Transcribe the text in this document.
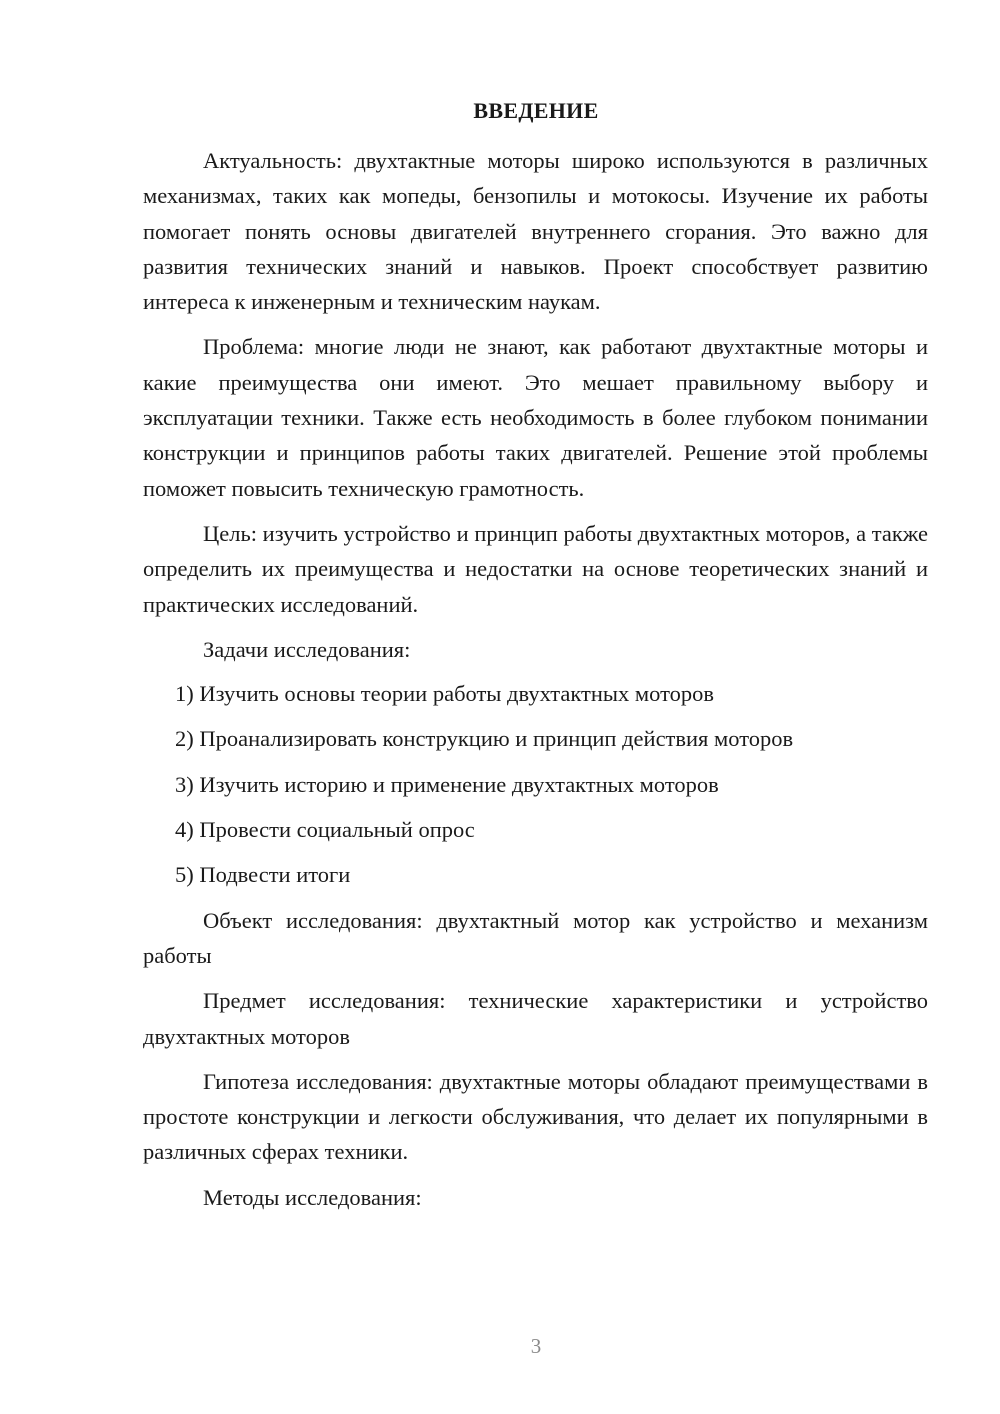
ВВЕДЕНИЕ

Актуальность: двухтактные моторы широко используются в различных механизмах, таких как мопеды, бензопилы и мотокосы. Изучение их работы помогает понять основы двигателей внутреннего сгорания. Это важно для развития технических знаний и навыков. Проект способствует развитию интереса к инженерным и техническим наукам.

Проблема: многие люди не знают, как работают двухтактные моторы и какие преимущества они имеют. Это мешает правильному выбору и эксплуатации техники. Также есть необходимость в более глубоком понимании конструкции и принципов работы таких двигателей. Решение этой проблемы поможет повысить техническую грамотность.

Цель: изучить устройство и принцип работы двухтактных моторов, а также определить их преимущества и недостатки на основе теоретических знаний и практических исследований.

Задачи исследования:

1) Изучить основы теории работы двухтактных моторов
2) Проанализировать конструкцию и принцип действия моторов
3) Изучить историю и применение двухтактных моторов
4) Провести социальный опрос
5) Подвести итоги

Объект исследования: двухтактный мотор как устройство и механизм работы

Предмет исследования: технические характеристики и устройство двухтактных моторов

Гипотеза исследования: двухтактные моторы обладают преимуществами в простоте конструкции и легкости обслуживания, что делает их популярными в различных сферах техники.

Методы исследования:

3
